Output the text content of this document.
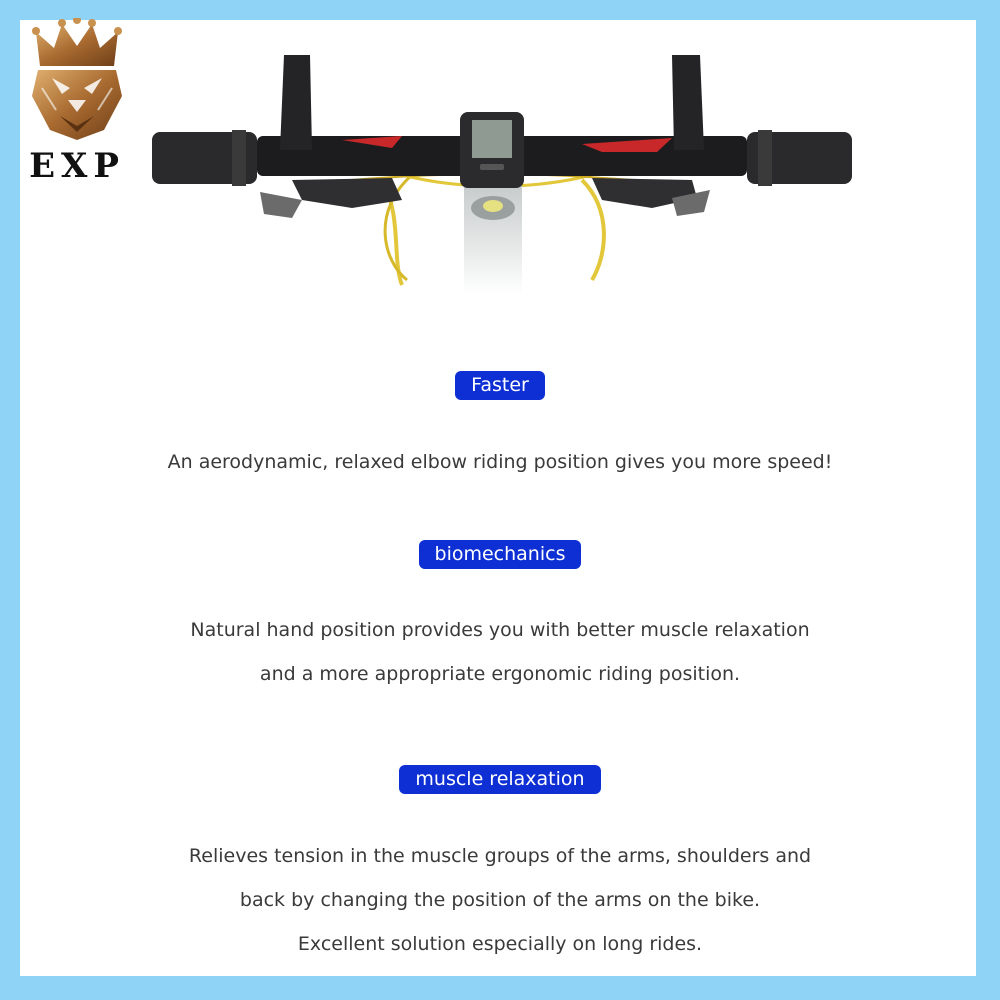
EXP
Faster
An aerodynamic, relaxed elbow riding position gives you more speed!
biomechanics
Natural hand position provides you with better muscle relaxation
and a more appropriate ergonomic riding position.
muscle relaxation
Relieves tension in the muscle groups of the arms, shoulders and
back by changing the position of the arms on the bike.
Excellent solution especially on long rides.
